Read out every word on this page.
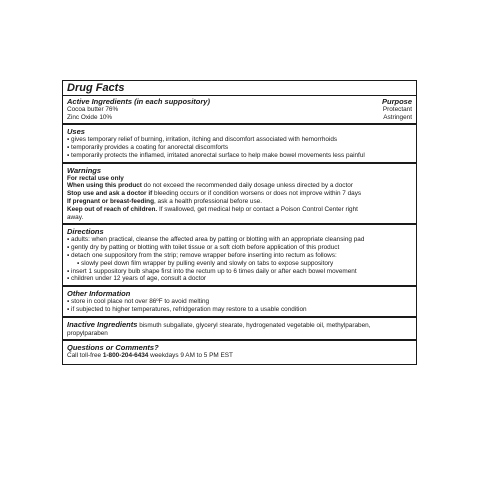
Drug Facts
Active Ingredients (in each suppository)	Purpose
Cocoa butter 76%	Protectant
Zinc Oxide 10%	Astringent
Uses
▪ gives temporary relief of burning, irritation, itching and discomfort associated with hemorrhoids
▪ temporarily provides a coating for anorectal discomforts
▪ temporarily protects the inflamed, irritated anorectal surface to help make bowel movements less painful
Warnings
For rectal use only
When using this product do not exceed the recommended daily dosage unless directed by a doctor
Stop use and ask a doctor if bleeding occurs or if condition worsens or does not improve within 7 days
If pregnant or breast-feeding, ask a health professional before use.
Keep out of reach of children. If swallowed, get medical help or contact a Poison Control Center right
away.
Directions
▪ adults: when practical, cleanse the affected area by patting or blotting with an appropriate cleansing pad
▪ gently dry by patting or blotting with toilet tissue or a soft cloth before application of this product
▪ detach one suppository from the strip; remove wrapper before inserting into rectum as follows:
▪ slowly peel down film wrapper by pulling evenly and slowly on tabs to expose suppository
▪ insert 1 suppository bulb shape first into the rectum up to 6 times daily or after each bowel movement
▪ children under 12 years of age, consult a doctor
Other Information
▪ store in cool place not over 86ºF to avoid melting
▪ if subjected to higher temperatures, refridgeration may restore to a usable condition
Inactive Ingredients bismuth subgallate, glyceryl stearate, hydrogenated vegetable oil, methylparaben,
propylparaben
Questions or Comments?
Call toll-free 1-800-204-6434 weekdays 9 AM to 5 PM EST
